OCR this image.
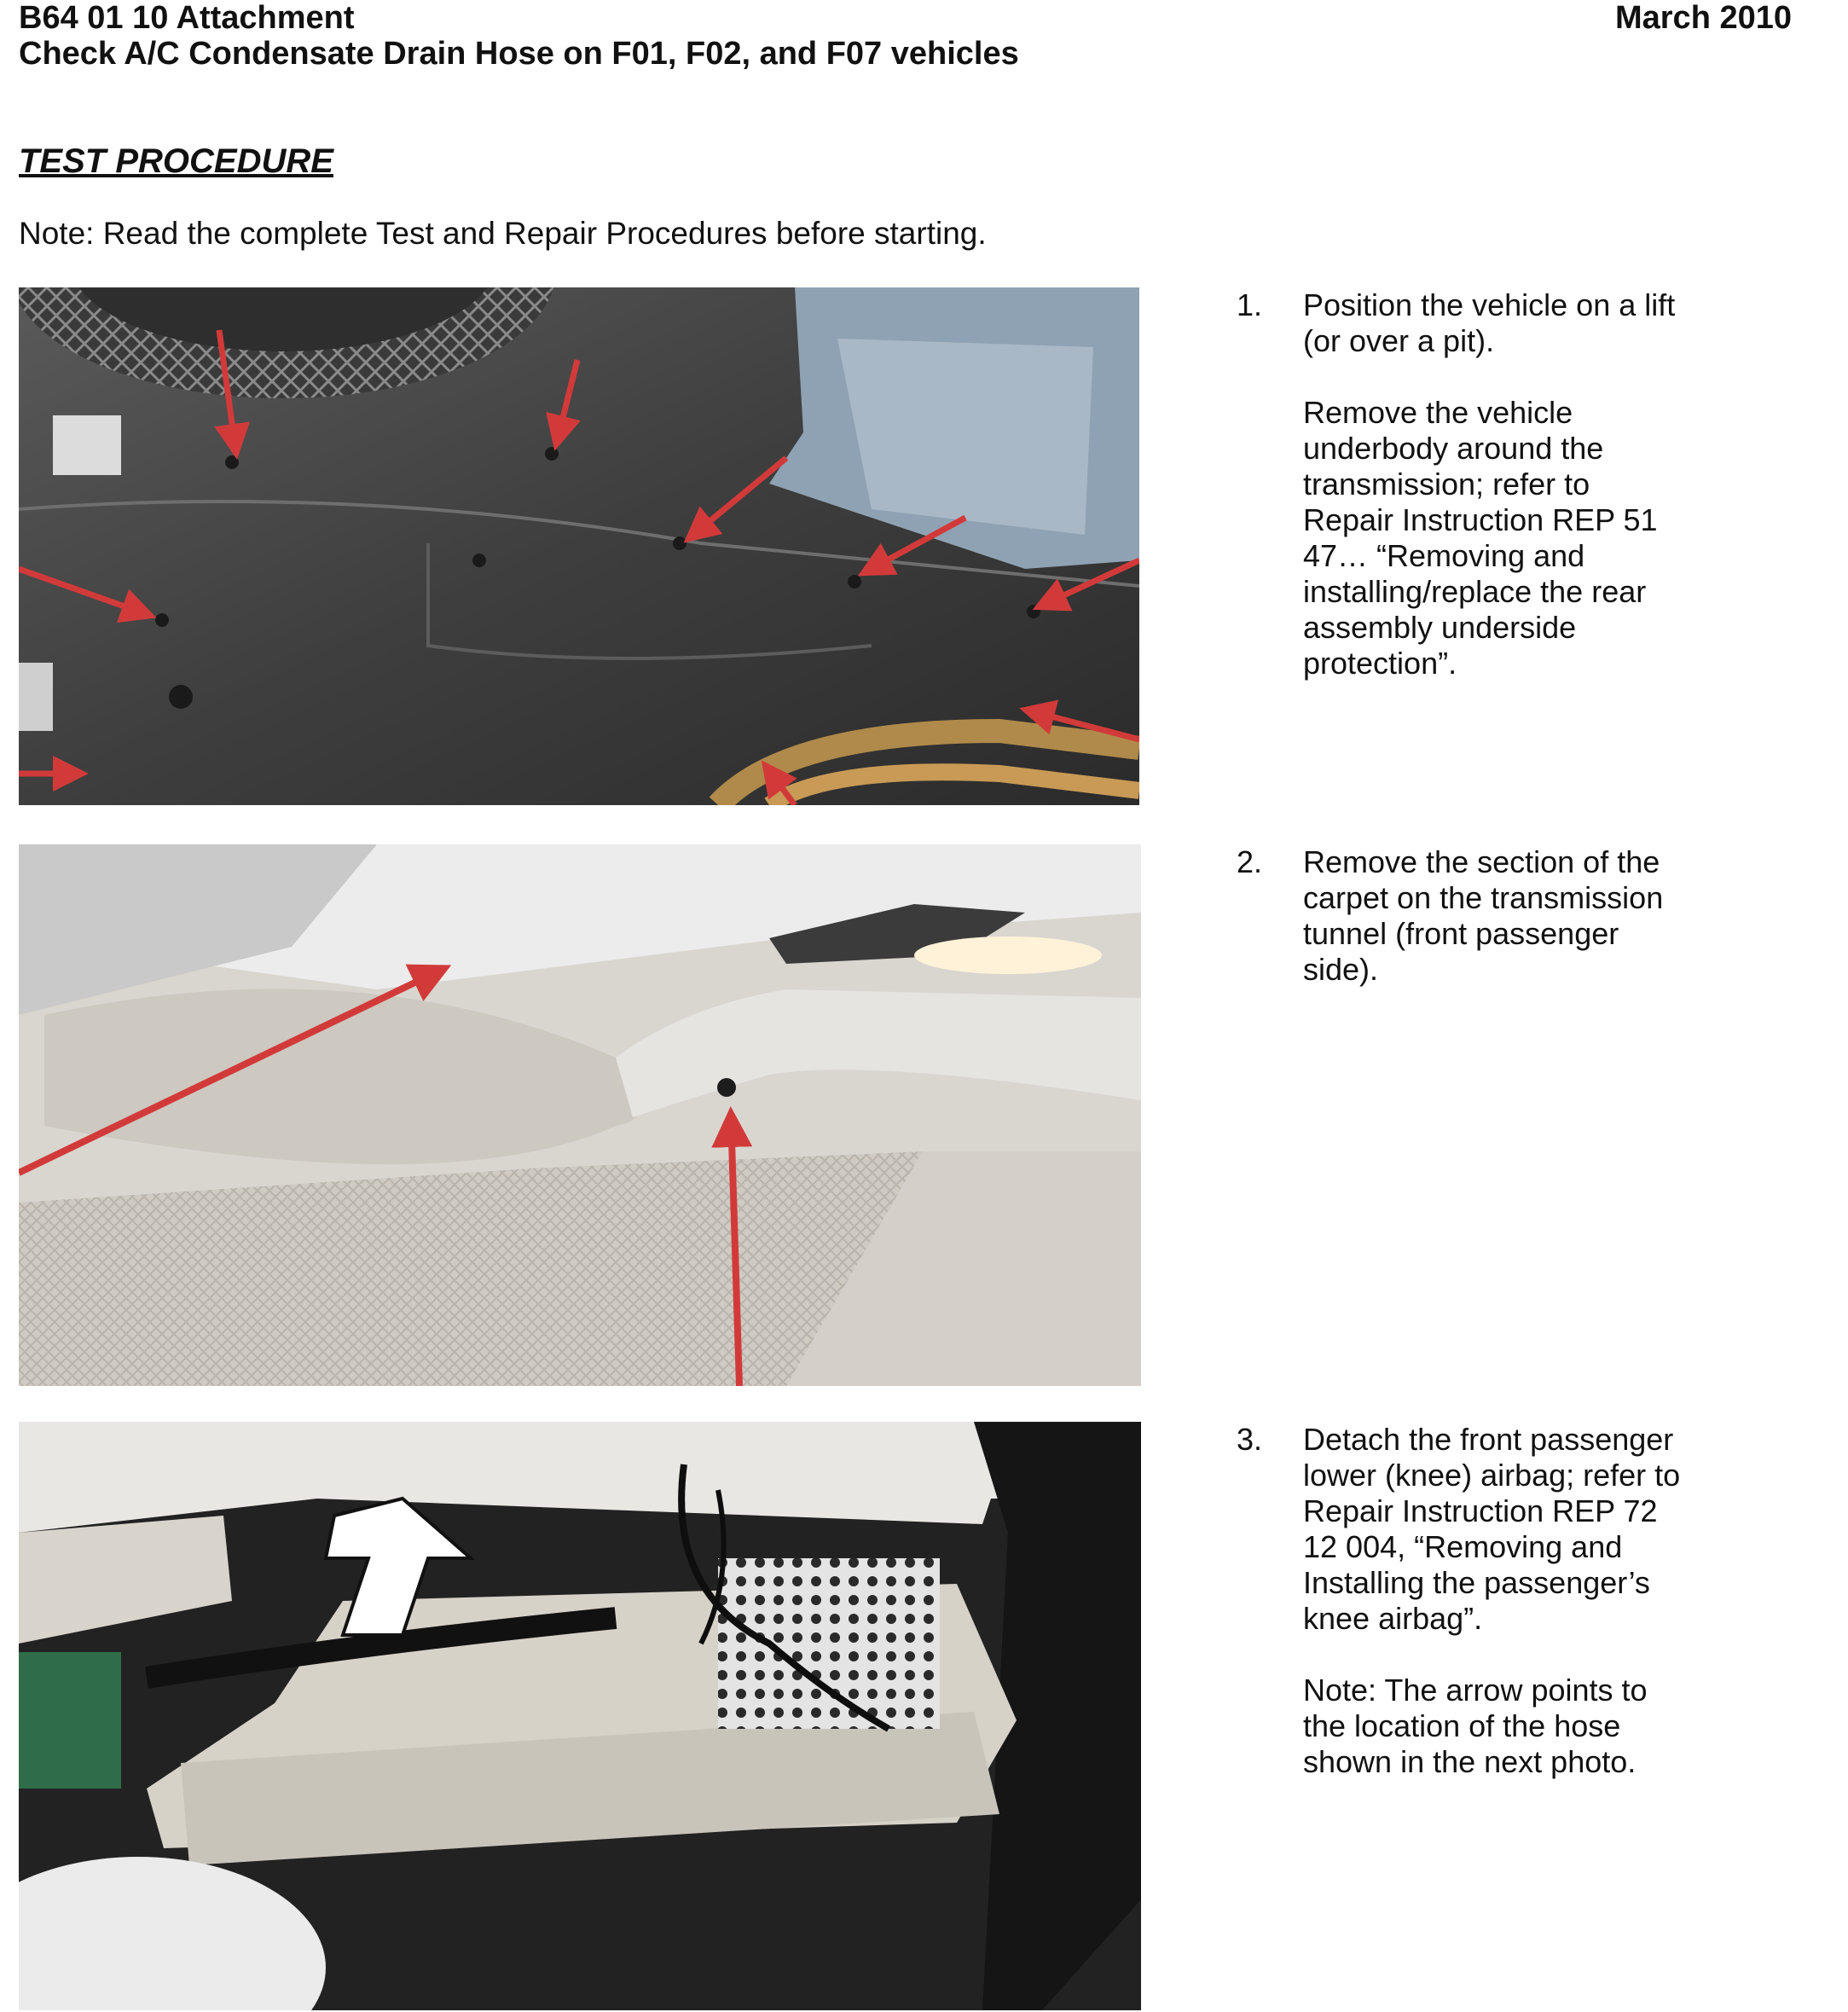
B64 01 10 Attachment
Check A/C Condensate Drain Hose on F01, F02, and F07 vehicles
March 2010
TEST PROCEDURE
Note: Read the complete Test and Repair Procedures before starting.
1. Position the vehicle on a lift
(or over a pit).
Remove the vehicle
underbody around the
transmission; refer to
Repair Instruction REP 51
47… “Removing and
installing/replace the rear
assembly underside
protection”.
2. Remove the section of the
carpet on the transmission
tunnel (front passenger
side).
3. Detach the front passenger
lower (knee) airbag; refer to
Repair Instruction REP 72
12 004, “Removing and
Installing the passenger’s
knee airbag”.
Note: The arrow points to
the location of the hose
shown in the next photo.
